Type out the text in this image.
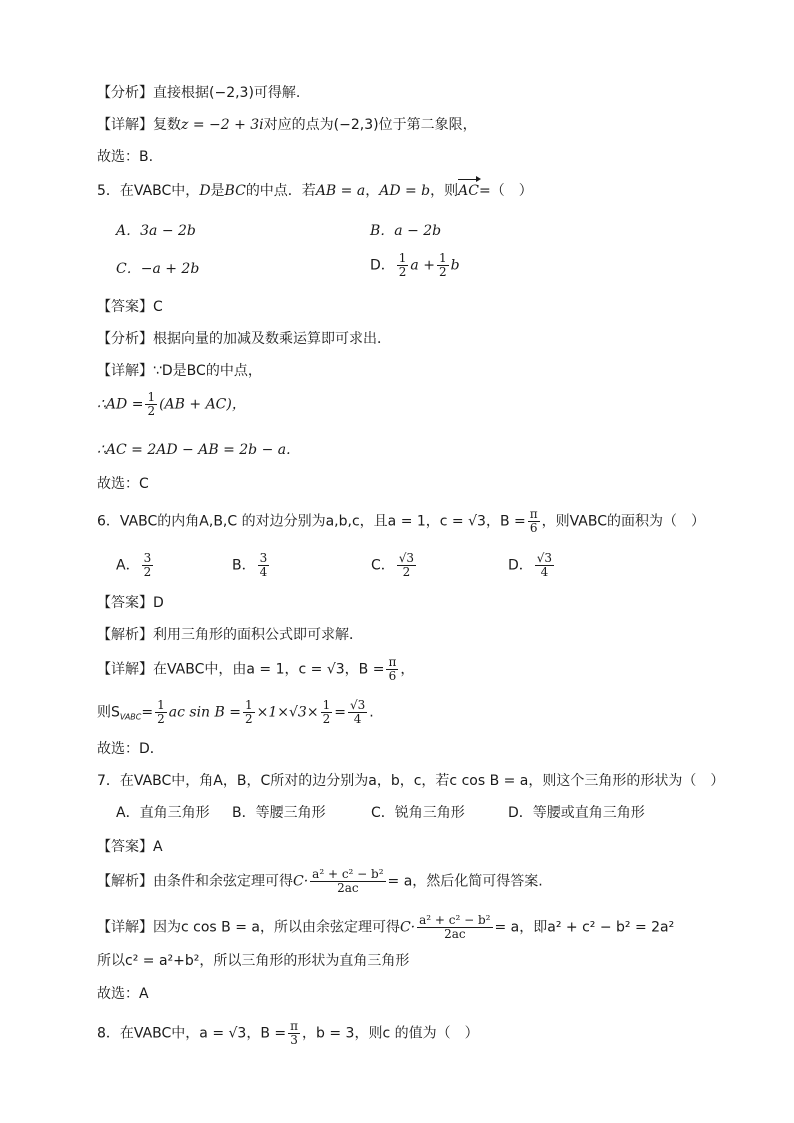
【分析】直接根据(−2,3)可得解.
【详解】复数z = −2 + 3i对应的点为(−2,3)位于第二象限，
故选：B.
5．在VABC中，D是BC的中点．若AB = a，AD = b，则AC=（　）
A．3a − 2b	B．a − 2b
C．−a + 2b	D． $\frac{1}{2}$ $a + \frac{1}{2}$ b
【答案】C
【分析】根据向量的加减及数乘运算即可求出．
【详解】∵D是BC的中点，
∴AD = $\frac{1}{2} (AB + AC)$，
∴AC = 2AD − AB = 2b − a.
故选：C
6．VABC的内角A,B,C 的对边分别为a,b,c，且a = 1，c = √3，$B = \frac{\pi}{6}$ ，则VABC的面积为（　）
A． $\frac{3}{2}$	B． $\frac{3}{4}$	C． $\frac{√3}{2}$	D． $\frac{√3}{4}$
【答案】D
【解析】利用三角形的面积公式即可求解．
【详解】在VABC中，由a = 1，c = √3，$B = \frac{\pi}{6}$ ，
则$S_{VABC}= \frac{1}{2}$ ac $\sin B = \frac{1}{2} \times 1\times√3\times \frac{1}{2} = \frac{√3}{4}$ .
故选：D．
7．在VABC中，角A，B，C所对的边分别为a，b，c，若c cos B = a，则这个三角形的形状为（　）
A．直角三角形 B．等腰三角形	C．锐角三角形	D．等腰或直角三角形
【答案】A
【解析】由条件和余弦定理可得$C\cdot \frac{\text{a² + c² − b²}}{2ac} = a$，然后化简可得答案.
【详解】因为c cos B = a，所以由余弦定理可得$C\cdot \frac{\text{a² + c² − b²}}{2ac} = a$，即a² + c² − b² = 2a²
所以c² = a²+b²，所以三角形的形状为直角三角形
故选：A
8．在VABC中，a = √3，$B = \frac{\pi}{3}$ ，b = 3，则c 的值为（　）
